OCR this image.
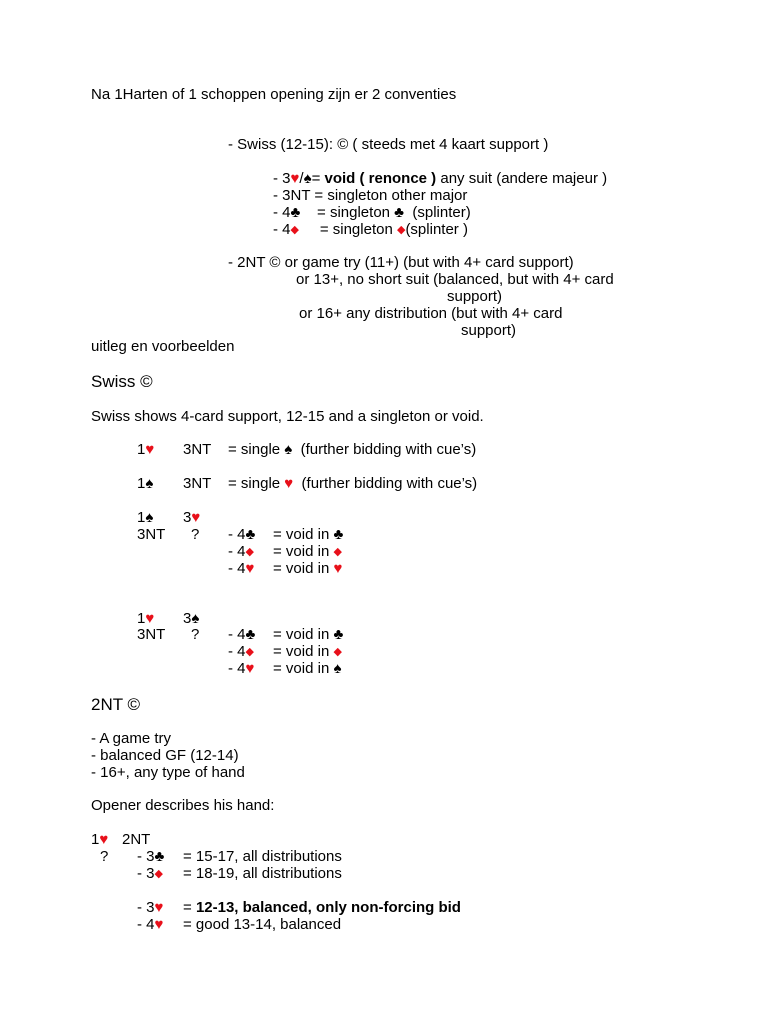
Na 1Harten of 1 schoppen opening zijn er 2 conventies
- Swiss (12-15): © ( steeds met 4 kaart support )
- 3♥/♠= void ( renonce ) any suit (andere majeur )
- 3NT = singleton other major
- 4♣    = singleton ♣  (splinter)
- 4◆     = singleton ◆(splinter )
- 2NT © or game try (11+) (but with 4+ card support)
or 13+, no short suit (balanced, but with 4+ card
support)
or 16+ any distribution (but with 4+ card
support)
uitleg en voorbeelden
Swiss ©
Swiss shows 4-card support, 12-15 and a singleton or void.
1♥ 3NT = single ♠  (further bidding with cue’s)
1♠ 3NT = single ♥  (further bidding with cue’s)
1♠ 3♥
3NT ? - 4♣ = void in ♣
- 4◆ = void in ◆
- 4♥ = void in ♥
1♥ 3♠
3NT ? - 4♣ = void in ♣
- 4◆ = void in ◆
- 4♥ = void in ♠
2NT ©
- A game try
- balanced GF (12-14)
- 16+, any type of hand
Opener describes his hand:
1♥ 2NT
? - 3♣ = 15-17, all distributions
- 3◆ = 18-19, all distributions
- 3♥ = 12-13, balanced, only non-forcing bid
- 4♥ = good 13-14, balanced
